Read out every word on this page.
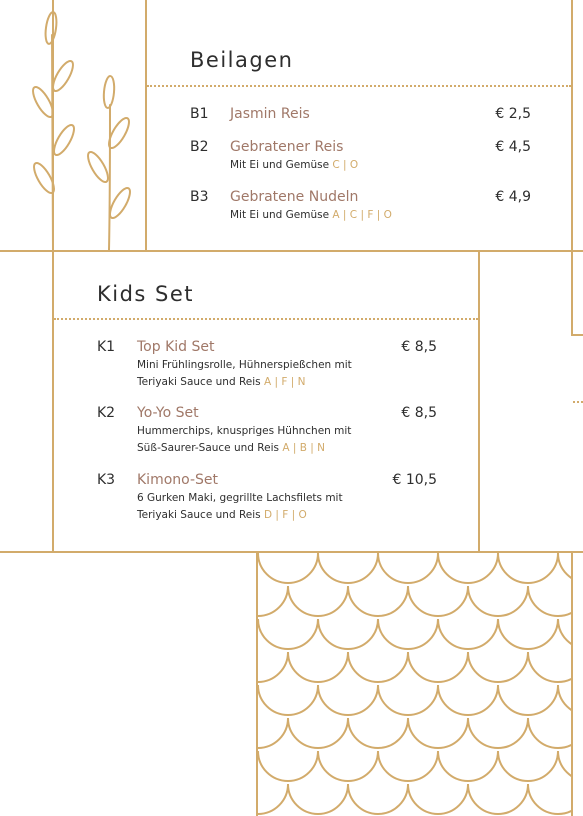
Beilagen
B1 Jasmin Reis	€ 2,5
B2 Gebratener Reis	€ 4,5
Mit Ei und Gemüse C | O
B3 Gebratene Nudeln	€ 4,9
Mit Ei und Gemüse A | C | F | O
Kids Set
K1 Top Kid Set	€ 8,5
Mini Frühlingsrolle, Hühnerspießchen mit
Teriyaki Sauce und Reis A | F | N
K2 Yo-Yo Set	€ 8,5
Hummerchips, knuspriges Hühnchen mit
Süß-Saurer-Sauce und Reis A | B | N
K3 Kimono-Set	€ 10,5
6 Gurken Maki, gegrillte Lachsfilets mit
Teriyaki Sauce und Reis D | F | O
